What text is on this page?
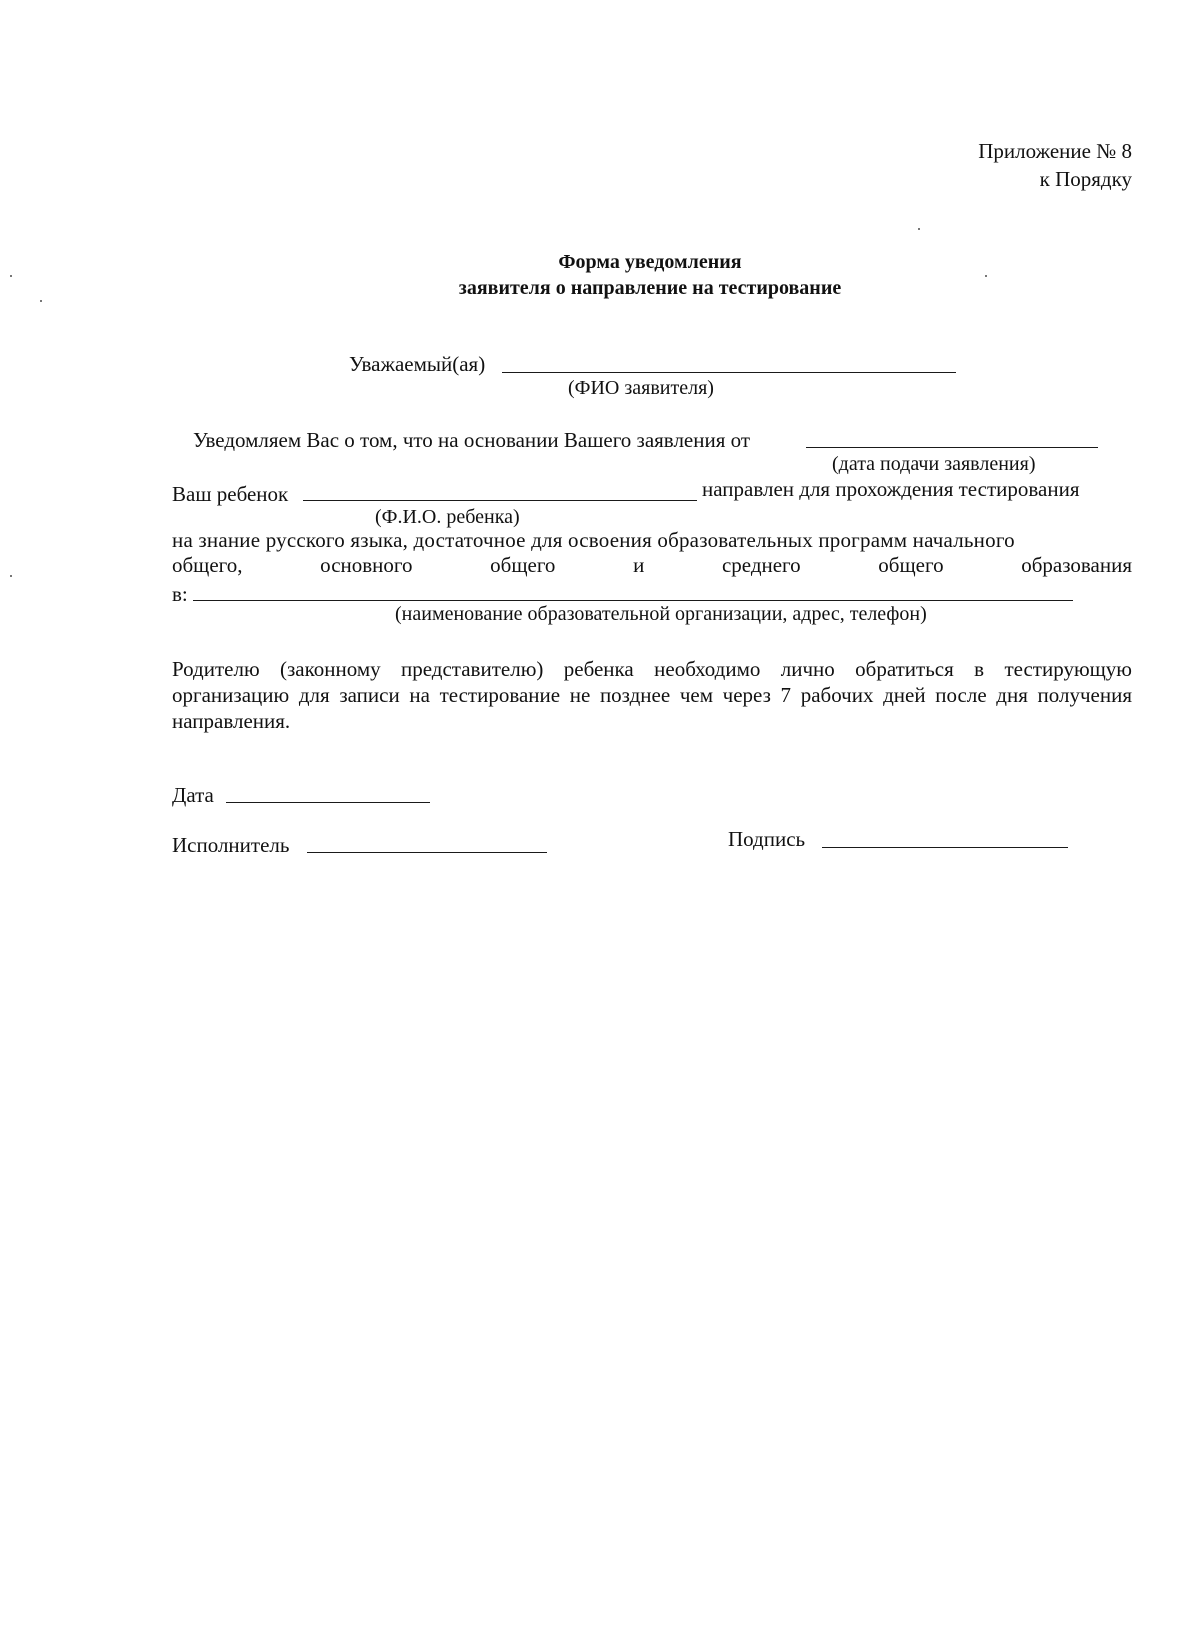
Приложение № 8
к Порядку
Форма уведомления
заявителя о направление на тестирование
Уважаемый(ая)
(ФИО заявителя)
Уведомляем Вас о том, что на основании Вашего заявления от
(дата подачи заявления)
Ваш ребенок	направлен для прохождения тестирования
(Ф.И.О. ребенка)
на знание русского языка, достаточное для освоения образовательных программ начального
общего,	основного	общего	и	среднего	общего	образования
в:
(наименование образовательной организации, адрес, телефон)
Родителю (законному представителю) ребенка необходимо лично обратиться в тестирующую организацию для записи на тестирование не позднее чем через 7 рабочих дней после дня получения направления.
Дата
Исполнитель	Подпись
